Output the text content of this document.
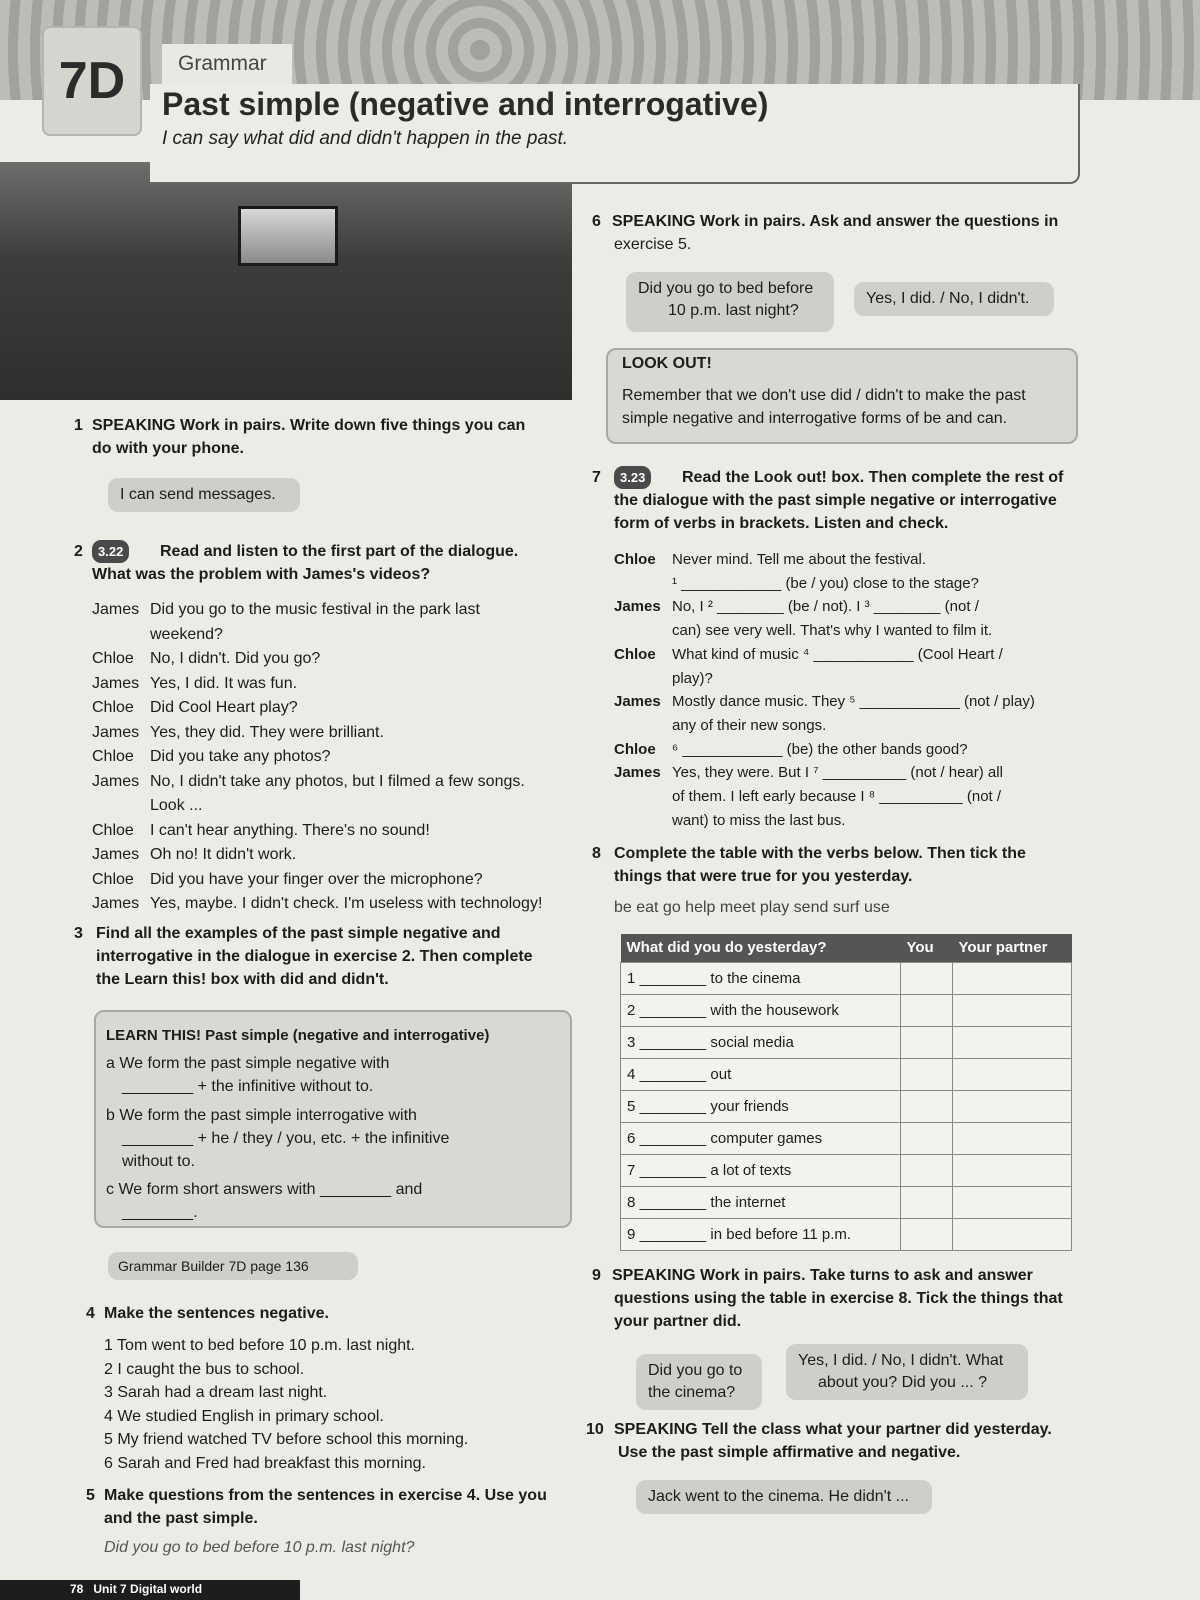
7D	Grammar
Past simple (negative and interrogative)
I can say what did and didn't happen in the past.
1 SPEAKING Work in pairs. Write down five things you can
do with your phone.
I can send messages.
2	3.22	Read and listen to the first part of the dialogue.
What was the problem with James's videos?
James Did you go to the music festival in the park last
weekend?
Chloe No, I didn't. Did you go?
James Yes, I did. It was fun.
Chloe Did Cool Heart play?
James Yes, they did. They were brilliant.
Chloe Did you take any photos?
James No, I didn't take any photos, but I filmed a few songs.
Look ...
Chloe I can't hear anything. There's no sound!
James Oh no! It didn't work.
Chloe Did you have your finger over the microphone?
James Yes, maybe. I didn't check. I'm useless with technology!
3 Find all the examples of the past simple negative and
interrogative in the dialogue in exercise 2. Then complete
the Learn this! box with did and didn't.
LEARN THIS! Past simple (negative and interrogative)
a We form the past simple negative with
________ + the infinitive without to.
b We form the past simple interrogative with
________ + he / they / you, etc. + the infinitive
without to.
c We form short answers with ________ and
________.
Grammar Builder 7D page 136
4 Make the sentences negative.
1 Tom went to bed before 10 p.m. last night.
2 I caught the bus to school.
3 Sarah had a dream last night.
4 We studied English in primary school.
5 My friend watched TV before school this morning.
6 Sarah and Fred had breakfast this morning.
5 Make questions from the sentences in exercise 4. Use you
and the past simple.
Did you go to bed before 10 p.m. last night?
6 SPEAKING Work in pairs. Ask and answer the questions in
exercise 5.
Did you go to bed before
10 p.m. last night?
Yes, I did. / No, I didn't.
LOOK OUT!
Remember that we don't use did / didn't to make the past
simple negative and interrogative forms of be and can.
7	3.23	Read the Look out! box. Then complete the rest of
the dialogue with the past simple negative or interrogative
form of verbs in brackets. Listen and check.
Chloe Never mind. Tell me about the festival.
¹ ____________ (be / you) close to the stage?
James No, I ² ________ (be / not). I ³ ________ (not /
can) see very well. That's why I wanted to film it.
Chloe What kind of music ⁴ ____________ (Cool Heart /
play)?
James Mostly dance music. They ⁵ ____________ (not / play)
any of their new songs.
Chloe ⁶ ____________ (be) the other bands good?
James Yes, they were. But I ⁷ __________ (not / hear) all
of them. I left early because I ⁸ __________ (not /
want) to miss the last bus.
8 Complete the table with the verbs below. Then tick the
things that were true for you yesterday.
be eat go help meet play send surf use
What did you do yesterday?	You	Your partner
1 ________ to the cinema		
2 ________ with the housework		
3 ________ social media		
4 ________ out		
5 ________ your friends		
6 ________ computer games		
7 ________ a lot of texts		
8 ________ the internet		
9 ________ in bed before 11 p.m.		
9 SPEAKING Work in pairs. Take turns to ask and answer
questions using the table in exercise 8. Tick the things that
your partner did.
Did you go to
the cinema?
Yes, I did. / No, I didn't. What
about you? Did you ... ?
10 SPEAKING Tell the class what your partner did yesterday.
Use the past simple affirmative and negative.
Jack went to the cinema. He didn't ...
78 Unit 7 Digital world
